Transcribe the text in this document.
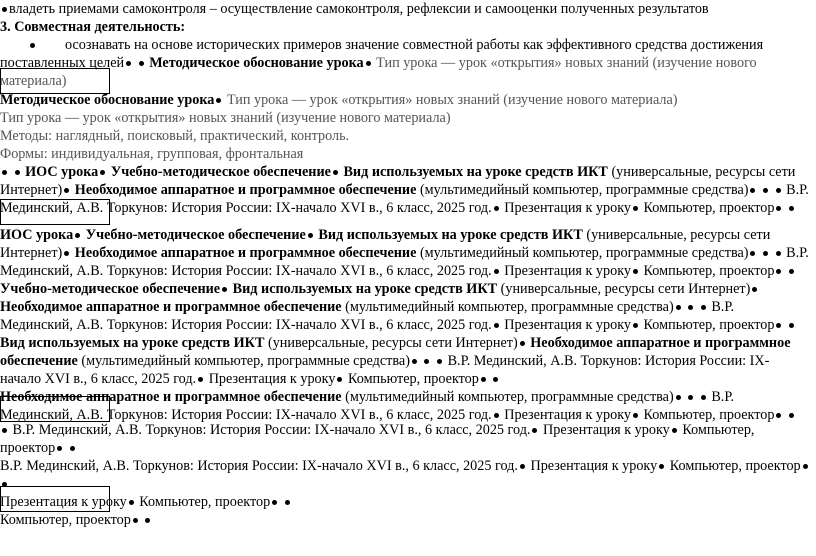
владеть приемами самоконтроля – осуществление самоконтроля, рефлексии и самооценки полученных результатов
3. Совместная деятельность:
осознавать на основе исторических примеров значение совместной работы как эффективного средства достижения поставленных целей Методическое обоснование урока Тип урока — урок «открытия» новых знаний (изучение нового материала)
Методическое обоснование урока Тип урока — урок «открытия» новых знаний (изучение нового материала)
Тип урока — урок «открытия» новых знаний (изучение нового материала)
Методы: наглядный, поисковый, практический, контроль.
Формы: индивидуальная, групповая, фронтальная
ИОС урока Учебно-методическое обеспечение Вид используемых на уроке средств ИКТ (универсальные, ресурсы сети Интернет) Необходимое аппаратное и программное обеспечение (мультимедийный компьютер, программные средства)	В.Р. Мединский, А.В. Торкунов: История России: IX-начало XVI в., 6 класс, 2025 год. Презентация к уроку Компьютер, проектор
ИОС урока Учебно-методическое обеспечение Вид используемых на уроке средств ИКТ (универсальные, ресурсы сети Интернет) Необходимое аппаратное и программное обеспечение (мультимедийный компьютер, программные средства)	В.Р. Мединский, А.В. Торкунов: История России: IX-начало XVI в., 6 класс, 2025 год. Презентация к уроку Компьютер, проектор
Учебно-методическое обеспечение Вид используемых на уроке средств ИКТ (универсальные, ресурсы сети Интернет) Необходимое аппаратное и программное обеспечение (мультимедийный компьютер, программные средства)	В.Р. Мединский, А.В. Торкунов: История России: IX-начало XVI в., 6 класс, 2025 год. Презентация к уроку Компьютер, проектор
Вид используемых на уроке средств ИКТ (универсальные, ресурсы сети Интернет) Необходимое аппаратное и программное обеспечение (мультимедийный компьютер, программные средства)	В.Р. Мединский, А.В. Торкунов: История России: IX-начало XVI в., 6 класс, 2025 год. Презентация к уроку Компьютер, проектор
Необходимое аппаратное и программное обеспечение (мультимедийный компьютер, программные средства)	В.Р. Мединский, А.В. Торкунов: История России: IX-начало XVI в., 6 класс, 2025 год. Презентация к уроку Компьютер, проектор
В.Р. Мединский, А.В. Торкунов: История России: IX-начало XVI в., 6 класс, 2025 год. Презентация к уроку Компьютер, проектор
В.Р. Мединский, А.В. Торкунов: История России: IX-начало XVI в., 6 класс, 2025 год. Презентация к уроку Компьютер, проектор
Презентация к уроку Компьютер, проектор
Компьютер, проектор
